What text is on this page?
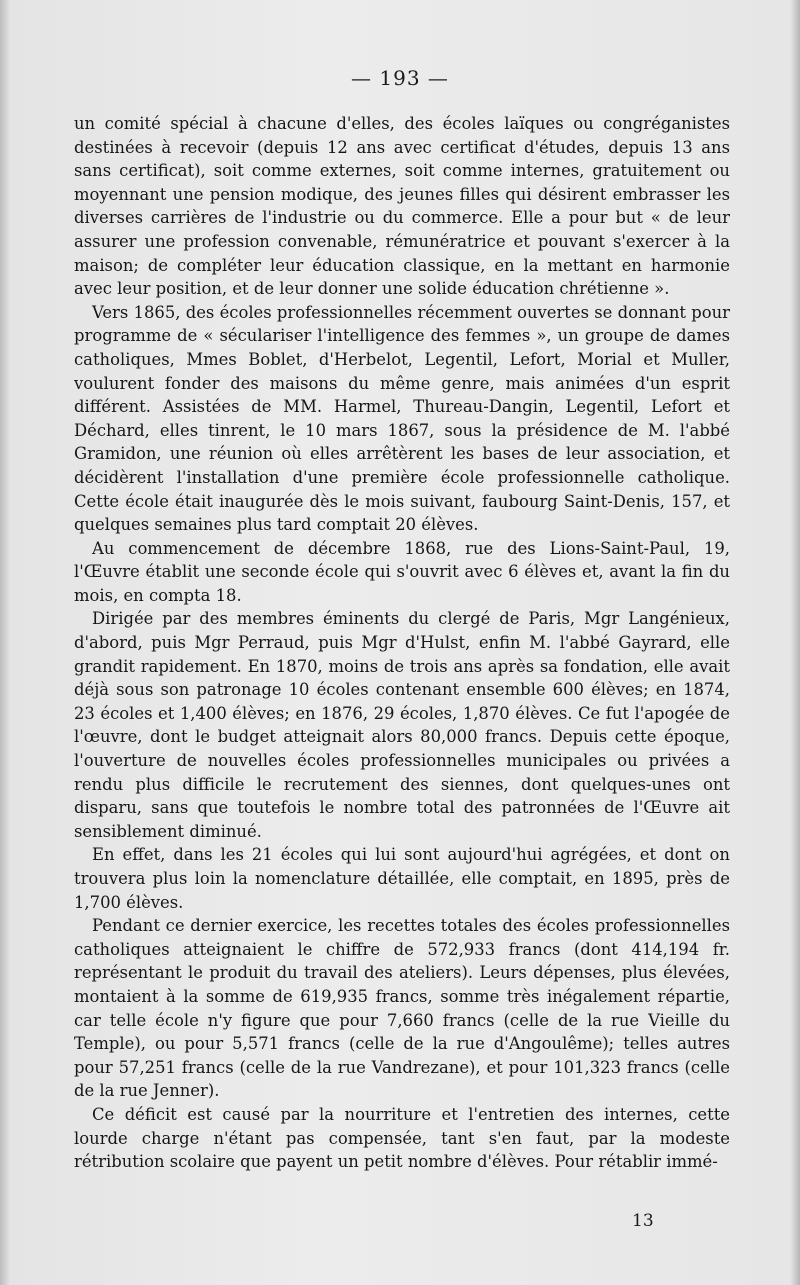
— 193 —

un comité spécial à chacune d'elles, des écoles laïques ou congréganistes destinées à recevoir (depuis 12 ans avec certificat d'études, depuis 13 ans sans certificat), soit comme externes, soit comme internes, gratuitement ou moyennant une pension modique, des jeunes filles qui désirent embrasser les diverses carrières de l'industrie ou du commerce. Elle a pour but « de leur assurer une profession convenable, rémunératrice et pouvant s'exercer à la maison; de compléter leur éducation classique, en la mettant en harmonie avec leur position, et de leur donner une solide éducation chrétienne ».

Vers 1865, des écoles professionnelles récemment ouvertes se donnant pour programme de « séculariser l'intelligence des femmes », un groupe de dames catholiques, Mmes Boblet, d'Herbelot, Legentil, Lefort, Morial et Muller, voulurent fonder des maisons du même genre, mais animées d'un esprit différent. Assistées de MM. Harmel, Thureau-Dangin, Legentil, Lefort et Déchard, elles tinrent, le 10 mars 1867, sous la présidence de M. l'abbé Gramidon, une réunion où elles arrêtèrent les bases de leur association, et décidèrent l'installation d'une première école professionnelle catholique. Cette école était inaugurée dès le mois suivant, faubourg Saint-Denis, 157, et quelques semaines plus tard comptait 20 élèves.

Au commencement de décembre 1868, rue des Lions-Saint-Paul, 19, l'Œuvre établit une seconde école qui s'ouvrit avec 6 élèves et, avant la fin du mois, en compta 18.

Dirigée par des membres éminents du clergé de Paris, Mgr Langénieux, d'abord, puis Mgr Perraud, puis Mgr d'Hulst, enfin M. l'abbé Gayrard, elle grandit rapidement. En 1870, moins de trois ans après sa fondation, elle avait déjà sous son patronage 10 écoles contenant ensemble 600 élèves; en 1874, 23 écoles et 1,400 élèves; en 1876, 29 écoles, 1,870 élèves. Ce fut l'apogée de l'œuvre, dont le budget atteignait alors 80,000 francs. Depuis cette époque, l'ouverture de nouvelles écoles professionnelles municipales ou privées a rendu plus difficile le recrutement des siennes, dont quelques-unes ont disparu, sans que toutefois le nombre total des patronnées de l'Œuvre ait sensiblement diminué.

En effet, dans les 21 écoles qui lui sont aujourd'hui agrégées, et dont on trouvera plus loin la nomenclature détaillée, elle comptait, en 1895, près de 1,700 élèves.

Pendant ce dernier exercice, les recettes totales des écoles professionnelles catholiques atteignaient le chiffre de 572,933 francs (dont 414,194 fr. représentant le produit du travail des ateliers). Leurs dépenses, plus élevées, montaient à la somme de 619,935 francs, somme très inégalement répartie, car telle école n'y figure que pour 7,660 francs (celle de la rue Vieille du Temple), ou pour 5,571 francs (celle de la rue d'Angoulême); telles autres pour 57,251 francs (celle de la rue Vandrezane), et pour 101,323 francs (celle de la rue Jenner).

Ce déficit est causé par la nourriture et l'entretien des internes, cette lourde charge n'étant pas compensée, tant s'en faut, par la modeste rétribution scolaire que payent un petit nombre d'élèves. Pour rétablir immé-

13
